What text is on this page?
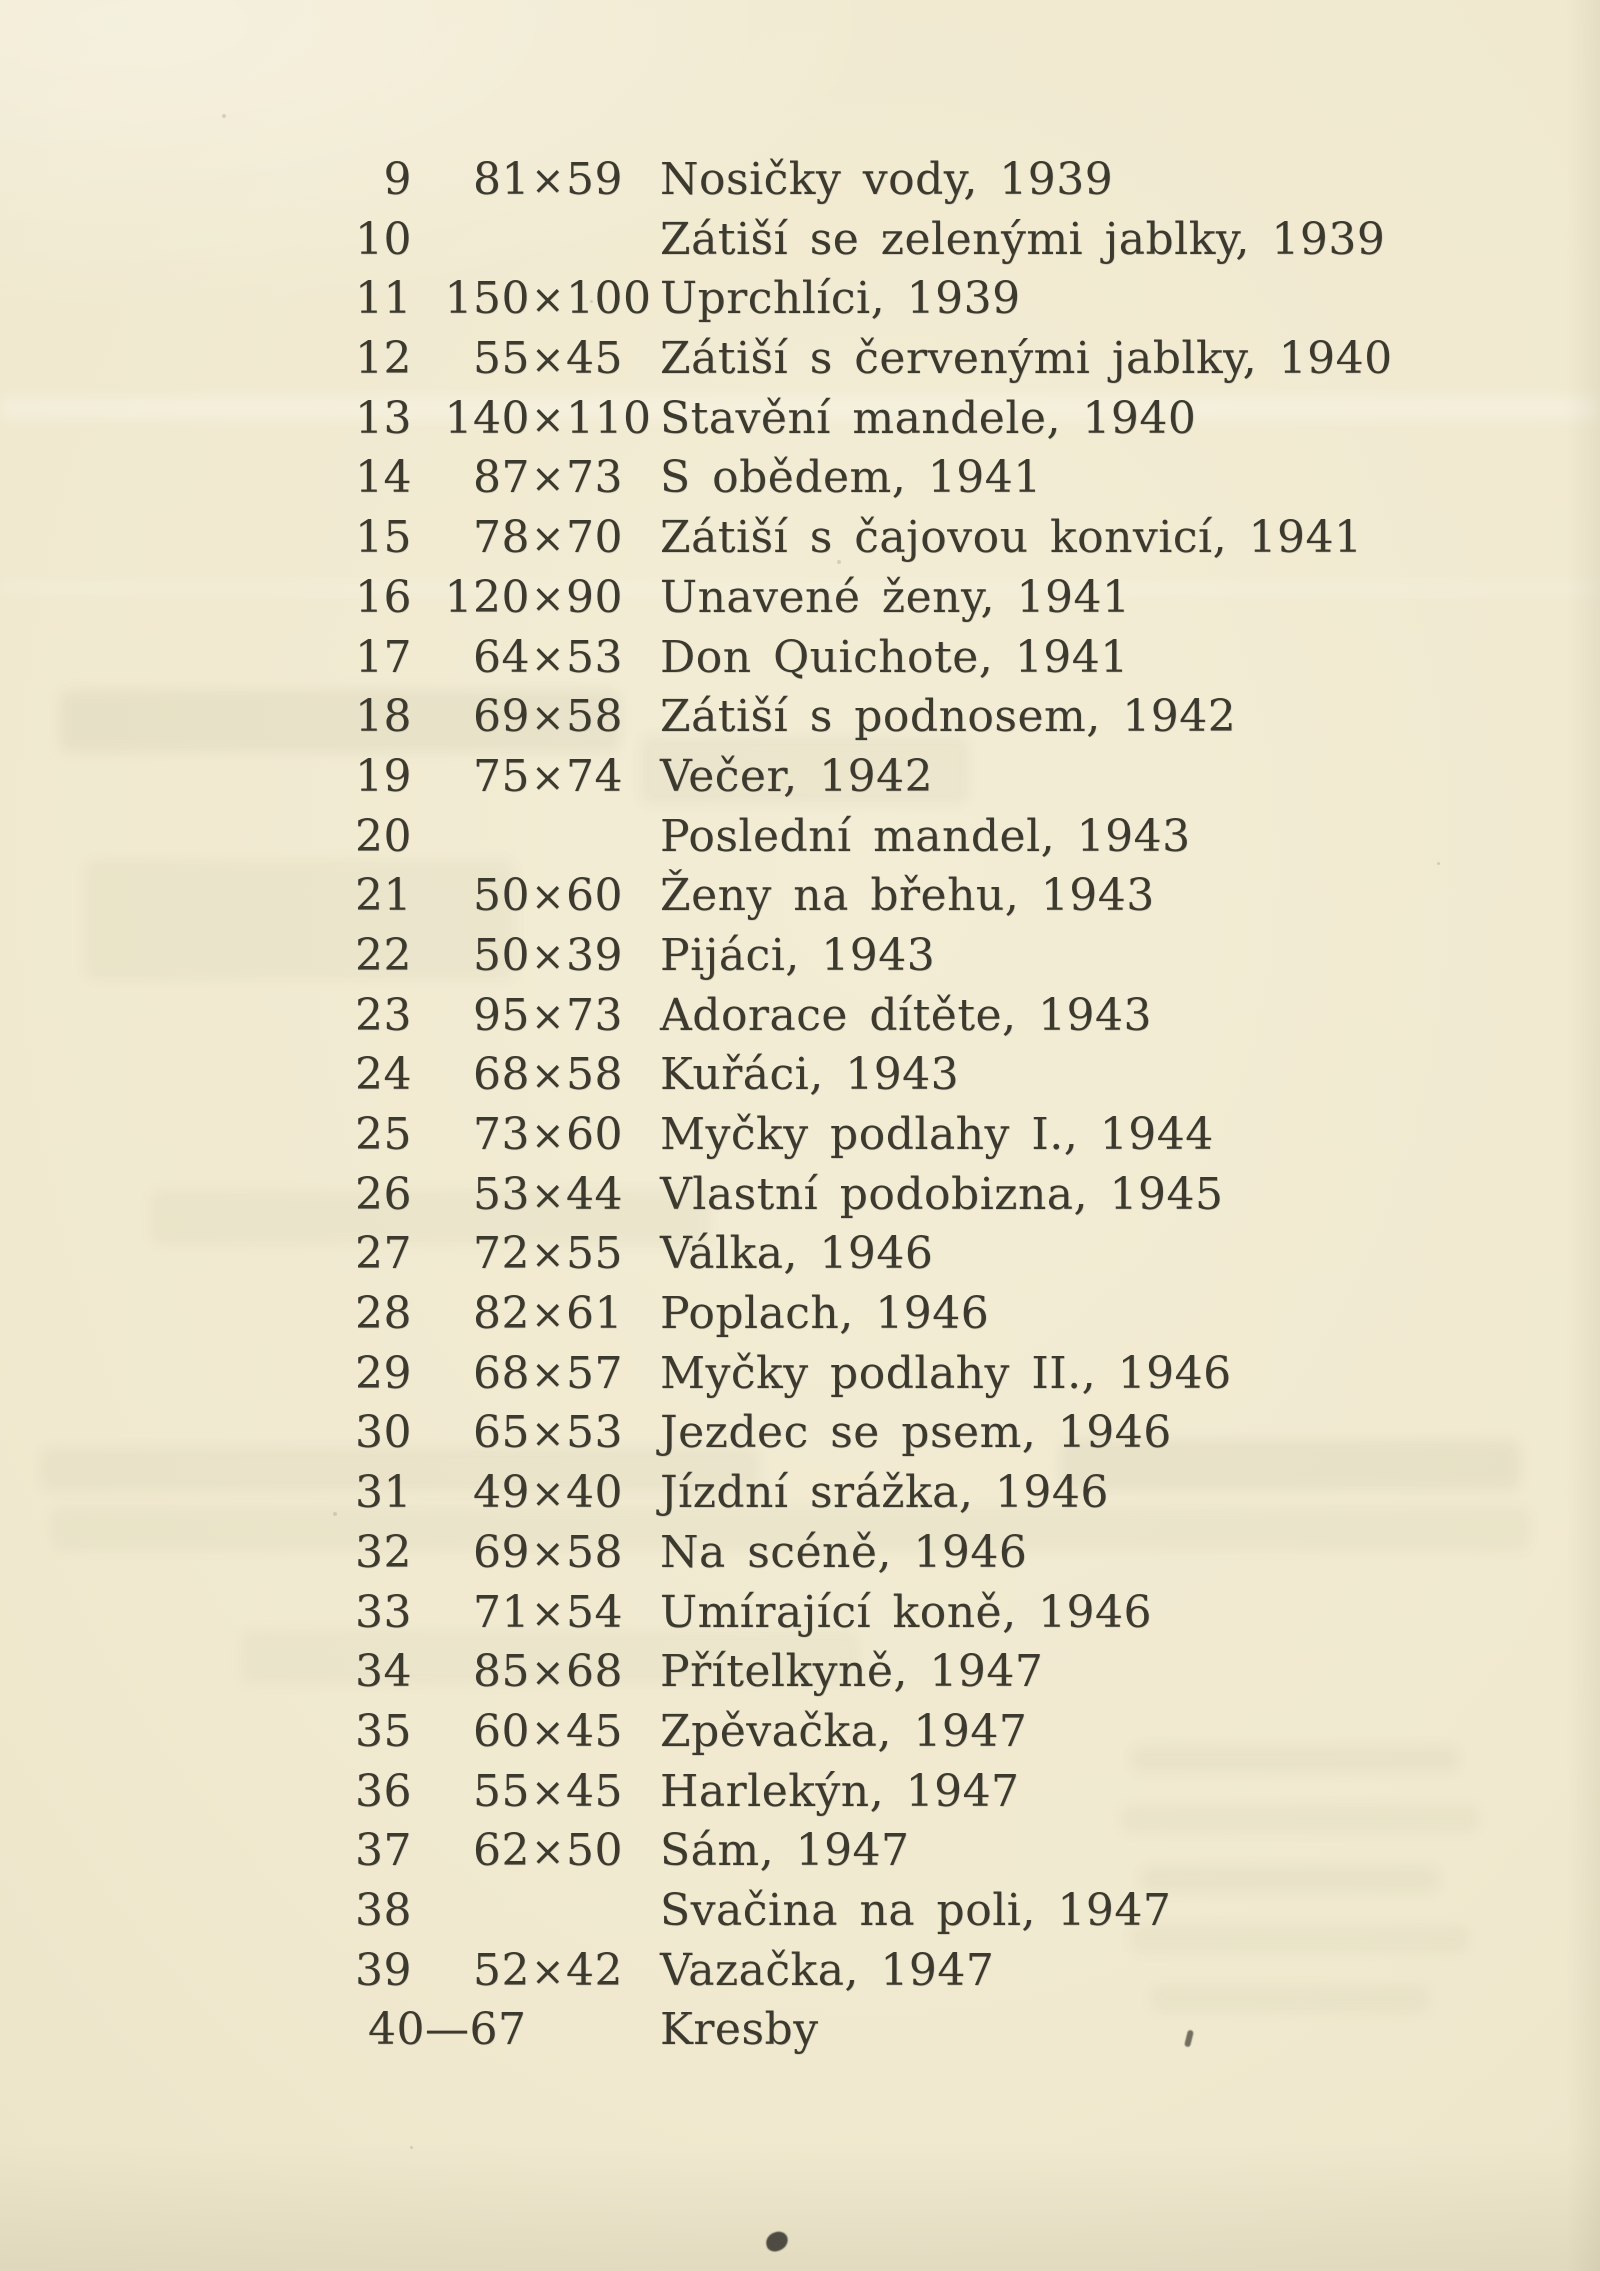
9	81 × 59 Nosičky vody, 1939
10	Zátiší se zelenými jablky, 1939
11 150 × 100 Uprchlíci, 1939
12	55 × 45 Zátiší s červenými jablky, 1940
13 140 × 110 Stavění mandele, 1940
14	87 × 73 S obědem, 1941
15	78 × 70 Zátiší s čajovou konvicí, 1941
16 120 × 90 Unavené ženy, 1941
17	64 × 53 Don Quichote, 1941
18	69 × 58 Zátiší s podnosem, 1942
19	75 × 74 Večer, 1942
20	Poslední mandel, 1943
21	50 × 60 Ženy na břehu, 1943
22	50 × 39 Pijáci, 1943
23	95 × 73 Adorace dítěte, 1943
24	68 × 58 Kuřáci, 1943
25	73 × 60 Myčky podlahy I., 1944
26	53 × 44 Vlastní podobizna, 1945
27	72 × 55 Válka, 1946
28	82 × 61 Poplach, 1946
29	68 × 57 Myčky podlahy II., 1946
30	65 × 53 Jezdec se psem, 1946
31	49 × 40 Jízdní srážka, 1946
32	69 × 58 Na scéně, 1946
33	71 × 54 Umírající koně, 1946
34	85 × 68 Přítelkyně, 1947
35	60 × 45 Zpěvačka, 1947
36	55 × 45 Harlekýn, 1947
37	62 × 50 Sám, 1947
38	Svačina na poli, 1947
39	52 × 42 Vazačka, 1947
40—67	Kresby
